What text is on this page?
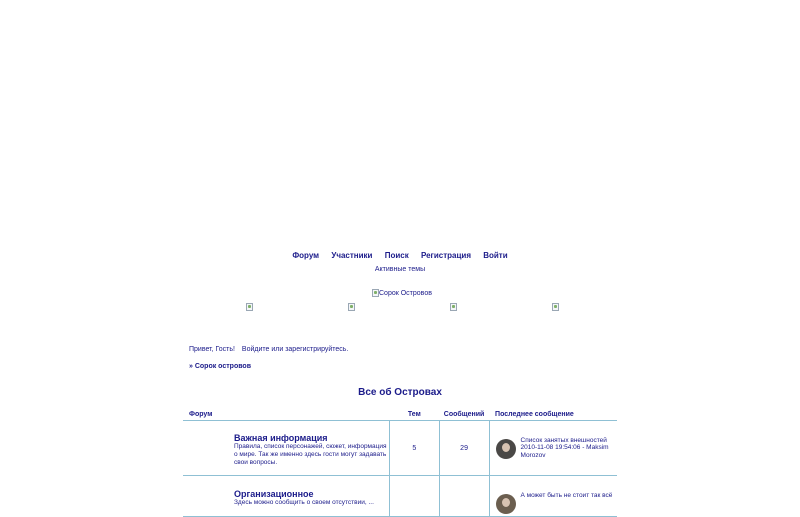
Форум Участники Поиск Регистрация Войти
Активные темы
Сорок Островов
Привет, Гость! Войдите или зарегистрируйтесь.
» Сорок островов
Все об Островах
Форум	Тем	Сообщений	Последнее сообщение

Важная информация
Правила, список персонажей, сюжет, информация о мире. Так же именно здесь гости могут задавать свои вопросы.	5	29	Список занятых внешностей 2010-11-08 19:54:06 - Maksim Morozov

Организационное
Здесь можно сообщить о своем отсутствии, ...			А может быть не стоит так всё
